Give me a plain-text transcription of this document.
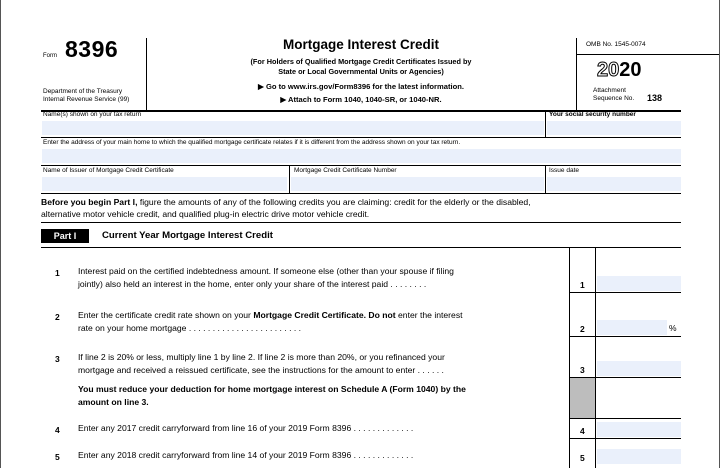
Form 8396
Department of the Treasury
Internal Revenue Service (99)
Mortgage Interest Credit
(For Holders of Qualified Mortgage Credit Certificates Issued by
State or Local Governmental Units or Agencies)
▶ Go to www.irs.gov/Form8396 for the latest information.
▶ Attach to Form 1040, 1040-SR, or 1040-NR.
OMB No. 1545-0074
2020
Attachment
Sequence No. 138
Name(s) shown on your tax return	Your social security number
Enter the address of your main home to which the qualified mortgage certificate relates if it is different from the address shown on your tax return.
Name of Issuer of Mortgage Credit Certificate	Mortgage Credit Certificate Number	Issue date
Before you begin Part I, figure the amounts of any of the following credits you are claiming: credit for the elderly or the disabled,
alternative motor vehicle credit, and qualified plug-in electric drive motor vehicle credit.
Part I	Current Year Mortgage Interest Credit
1 Interest paid on the certified indebtedness amount. If someone else (other than your spouse if filing
jointly) also held an interest in the home, enter only your share of the interest paid . . . . . . . .	1
2 Enter the certificate credit rate shown on your Mortgage Credit Certificate. Do not enter the interest
rate on your home mortgage . . . . . . . . . . . . . . . . . . . . . . . .	2	%
3 If line 2 is 20% or less, multiply line 1 by line 2. If line 2 is more than 20%, or you refinanced your
mortgage and received a reissued certificate, see the instructions for the amount to enter . . . . . .	3
You must reduce your deduction for home mortgage interest on Schedule A (Form 1040) by the
amount on line 3.
4 Enter any 2017 credit carryforward from line 16 of your 2019 Form 8396 . . . . . . . . . . . . .	4
5 Enter any 2018 credit carryforward from line 14 of your 2019 Form 8396 . . . . . . . . . . . . .	5
